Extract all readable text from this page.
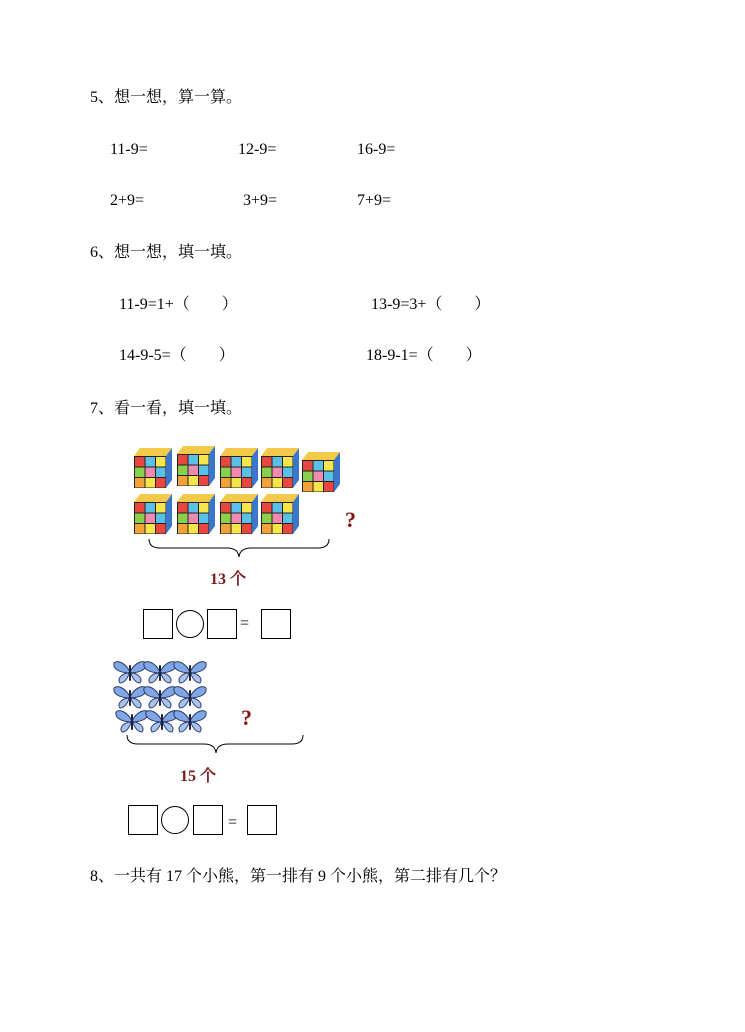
5、想一想，算一算。
11-9=	12-9=	16-9=
2+9=	3+9=	7+9=
6、想一想，填一填。
11-9=1+（　　）	13-9=3+（　　）
14-9-5=（　　）	18-9-1=（　　）
7、看一看，填一填。
?
13 个
=
?
15 个
=
8、一共有 17 个小熊，第一排有 9 个小熊，第二排有几个？
